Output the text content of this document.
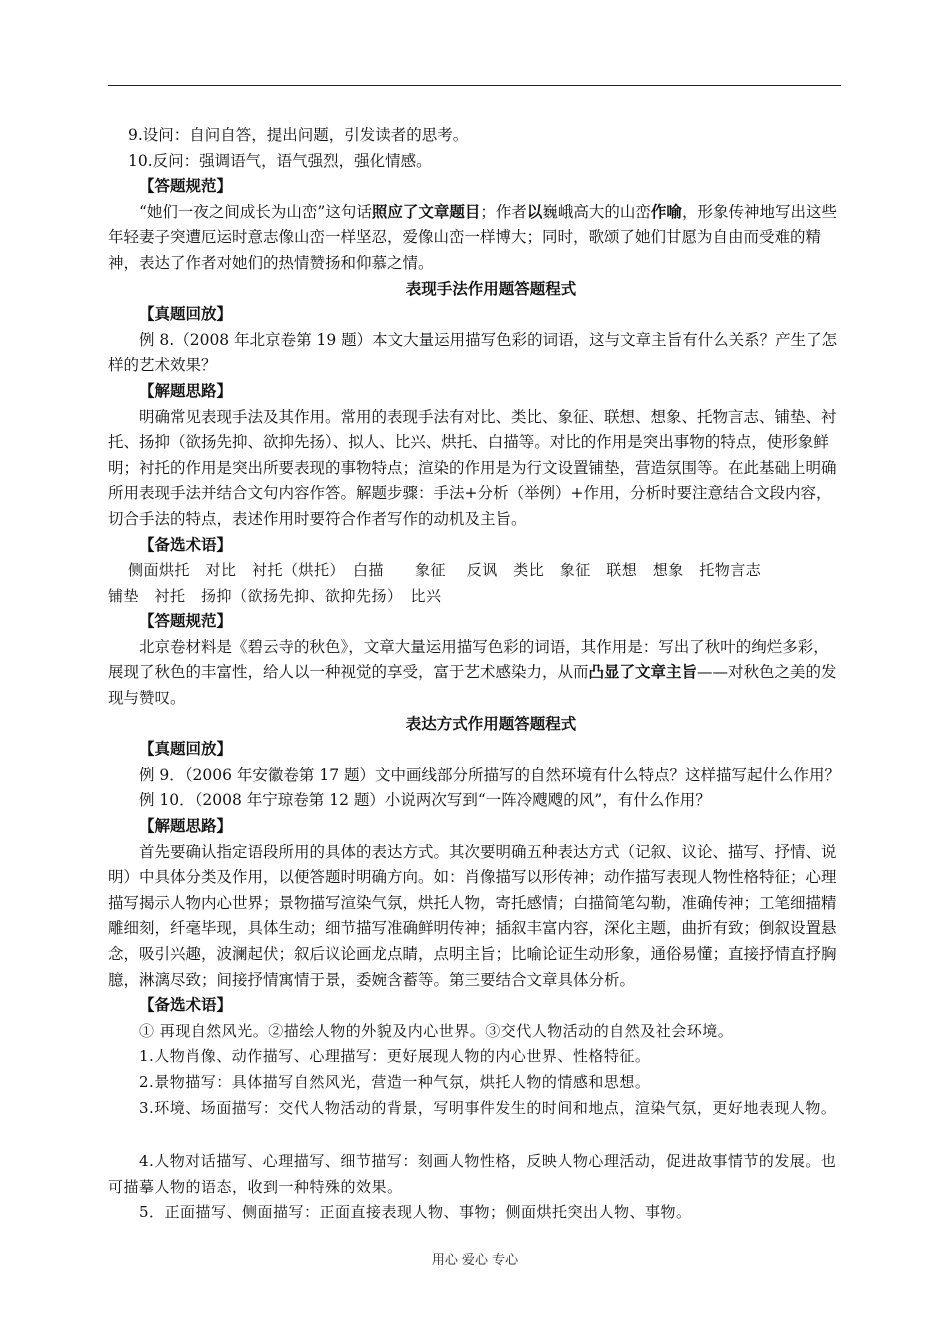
9.设问：自问自答，提出问题，引发读者的思考。

10.反问：强调语气，语气强烈，强化情感。

【答题规范】

“她们一夜之间成长为山峦”这句话照应了文章题目；作者以巍峨高大的山峦作喻，形象传神地写出这些年轻妻子突遭厄运时意志像山峦一样坚忍，爱像山峦一样博大；同时，歌颂了她们甘愿为自由而受难的精神，表达了作者对她们的热情赞扬和仰慕之情。

表现手法作用题答题程式

【真题回放】

例 8.（2008 年北京卷第 19 题）本文大量运用描写色彩的词语，这与文章主旨有什么关系？产生了怎样的艺术效果？

【解题思路】

明确常见表现手法及其作用。常用的表现手法有对比、类比、象征、联想、想象、托物言志、铺垫、衬托、扬抑（欲扬先抑、欲抑先扬）、拟人、比兴、烘托、白描等。对比的作用是突出事物的特点，使形象鲜明；衬托的作用是突出所要表现的事物特点；渲染的作用是为行文设置铺垫，营造氛围等。在此基础上明确所用表现手法并结合文句内容作答。解题步骤：手法+分析（举例）+作用，分析时要注意结合文段内容，切合手法的特点，表述作用时要符合作者写作的动机及主旨。

【备选术语】

侧面烘托　对比　衬托（烘托）　白描　　象征　 反讽　类比　象征　联想　想象　托物言志

铺垫　衬托　扬抑（欲扬先抑、欲抑先扬）　比兴

【答题规范】

北京卷材料是《碧云寺的秋色》，文章大量运用描写色彩的词语，其作用是：写出了秋叶的绚烂多彩，展现了秋色的丰富性，给人以一种视觉的享受，富于艺术感染力，从而凸显了文章主旨——对秋色之美的发现与赞叹。

表达方式作用题答题程式

【真题回放】

例 9．（2006 年安徽卷第 17 题）文中画线部分所描写的自然环境有什么特点？这样描写起什么作用？

例 10．（2008 年宁琼卷第 12 题）小说两次写到“一阵冷飕飕的风”，有什么作用？

【解题思路】

首先要确认指定语段所用的具体的表达方式。其次要明确五种表达方式（记叙、议论、描写、抒情、说明）中具体分类及作用，以便答题时明确方向。如：肖像描写以形传神；动作描写表现人物性格特征；心理描写揭示人物内心世界；景物描写渲染气氛，烘托人物，寄托感情；白描简笔勾勒，准确传神；工笔细描精雕细刻，纤毫毕现，具体生动；细节描写准确鲜明传神；插叙丰富内容，深化主题，曲折有致；倒叙设置悬念，吸引兴趣，波澜起伏；叙后议论画龙点睛，点明主旨；比喻论证生动形象，通俗易懂；直接抒情直抒胸臆，淋漓尽致；间接抒情寓情于景，委婉含蓄等。第三要结合文章具体分析。

【备选术语】

① 再现自然风光。②描绘人物的外貌及内心世界。③交代人物活动的自然及社会环境。

1.人物肖像、动作描写、心理描写：更好展现人物的内心世界、性格特征。

2.景物描写：具体描写自然风光，营造一种气氛，烘托人物的情感和思想。

3.环境、场面描写：交代人物活动的背景，写明事件发生的时间和地点，渲染气氛，更好地表现人物。

4.人物对话描写、心理描写、细节描写：刻画人物性格，反映人物心理活动，促进故事情节的发展。也可描摹人物的语态，收到一种特殊的效果。

5．正面描写、侧面描写：正面直接表现人物、事物；侧面烘托突出人物、事物。

用心 爱心 专心
